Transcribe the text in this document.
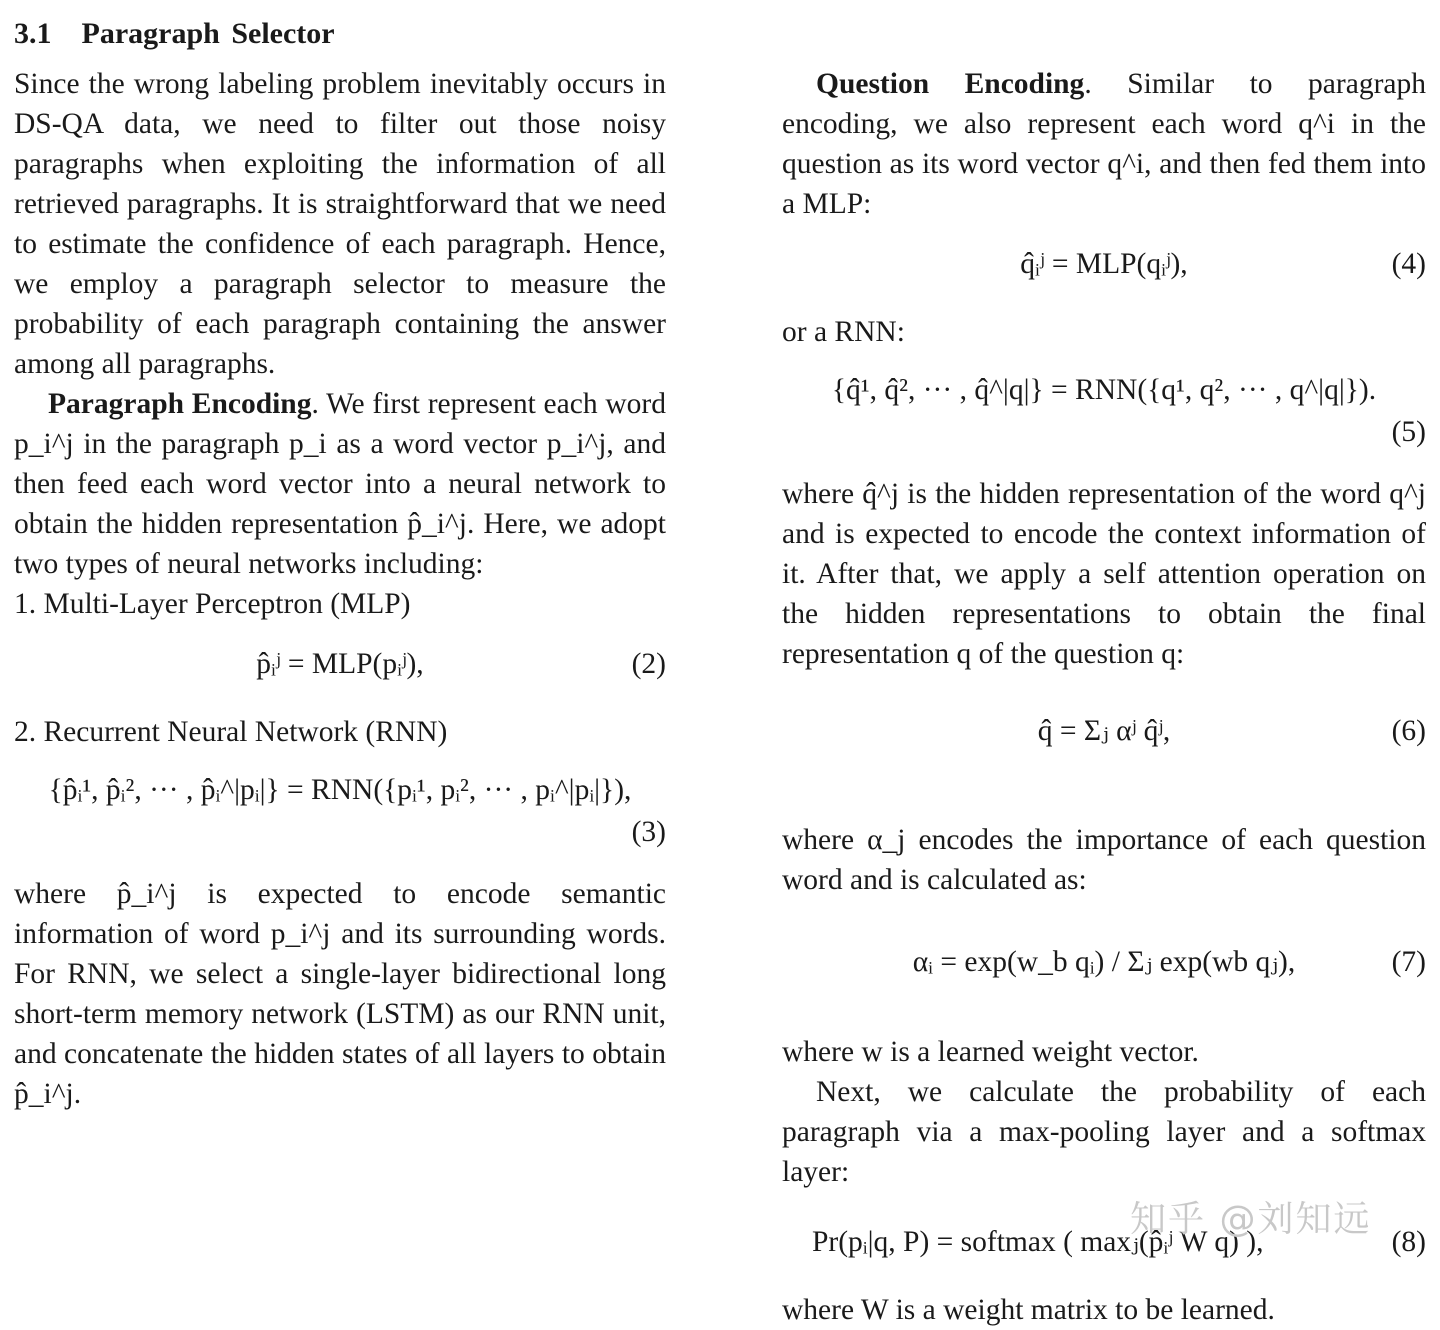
3.1 Paragraph Selector

Since the wrong labeling problem inevitably occurs in DS-QA data, we need to filter out those noisy paragraphs when exploiting the information of all retrieved paragraphs. It is straightforward that we need to estimate the confidence of each paragraph. Hence, we employ a paragraph selector to measure the probability of each paragraph containing the answer among all paragraphs.

Paragraph Encoding. We first represent each word p_i^j in the paragraph p_i as a word vector p_i^j, and then feed each word vector into a neural network to obtain the hidden representation p̂_i^j. Here, we adopt two types of neural networks including:

1. Multi-Layer Perceptron (MLP)

p̂ᵢʲ = MLP(pᵢʲ),	(2)

2. Recurrent Neural Network (RNN)

{p̂ᵢ¹, p̂ᵢ², ··· , p̂ᵢ^|pᵢ|} = RNN({pᵢ¹, pᵢ², ··· , pᵢ^|pᵢ|}),
(3)

where p̂_i^j is expected to encode semantic information of word p_i^j and its surrounding words. For RNN, we select a single-layer bidirectional long short-term memory network (LSTM) as our RNN unit, and concatenate the hidden states of all layers to obtain p̂_i^j.

Question Encoding. Similar to paragraph encoding, we also represent each word q^i in the question as its word vector q^i, and then fed them into a MLP:

q̂ᵢʲ = MLP(qᵢʲ),	(4)

or a RNN:

{q̂¹, q̂², ··· , q̂^|q|} = RNN({q¹, q², ··· , q^|q|}).
(5)

where q̂^j is the hidden representation of the word q^j and is expected to encode the context information of it. After that, we apply a self attention operation on the hidden representations to obtain the final representation q of the question q:

q̂ = Σⱼ αʲ q̂ʲ,	(6)

where α_j encodes the importance of each question word and is calculated as:

αᵢ = exp(w_b qᵢ) / Σⱼ exp(wb qⱼ),	(7)

where w is a learned weight vector.

Next, we calculate the probability of each paragraph via a max-pooling layer and a softmax layer:

Pr(pᵢ|q, P) = softmax ( maxⱼ(p̂ᵢʲ W q) ),	(8)

where W is a weight matrix to be learned.

知乎 @刘知远
